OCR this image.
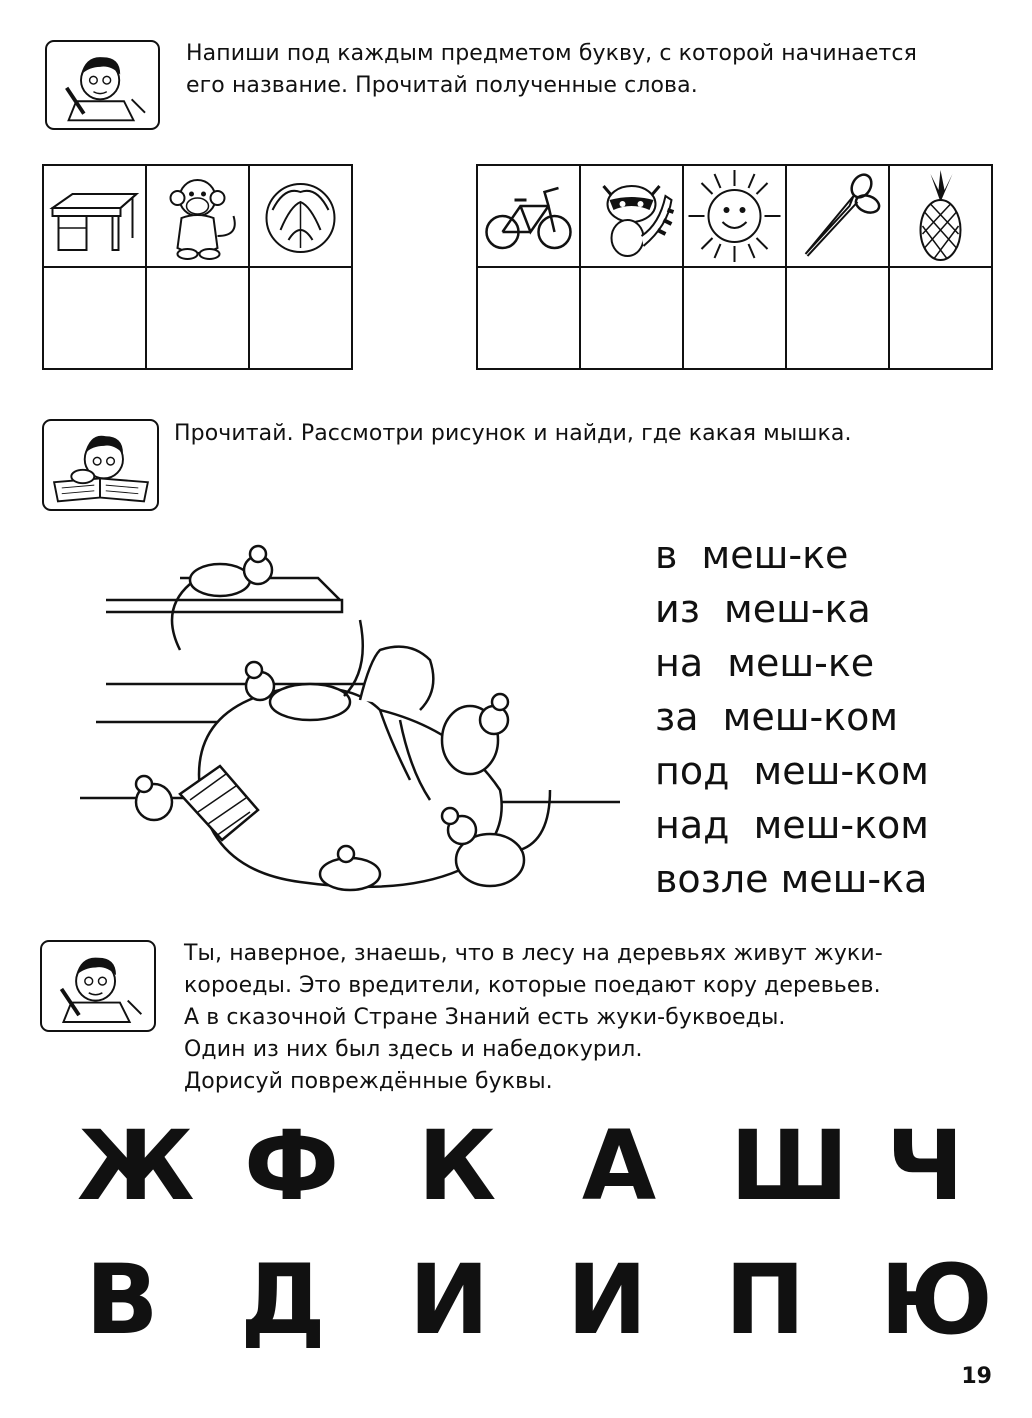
Напиши под каждым предметом букву, с которой начинается
его название. Прочитай полученные слова.

Прочитай. Рассмотри рисунок и найди, где какая мышка.
в  меш-ке
из  меш-ка
на  меш-ке
за  меш-ком
под  меш-ком
над  меш-ком
возле меш-ка
Ты, наверное, знаешь, что в лесу на деревьях живут жуки-
короеды. Это вредители, которые поедают кору деревьев.
А в сказочной Стране Знаний есть жуки-буквоеды.
Один из них был здесь и набедокурил.
Дорисуй повреждённые буквы.
Ж Ф К А Ш Ч
В Д И И П Ю
19
